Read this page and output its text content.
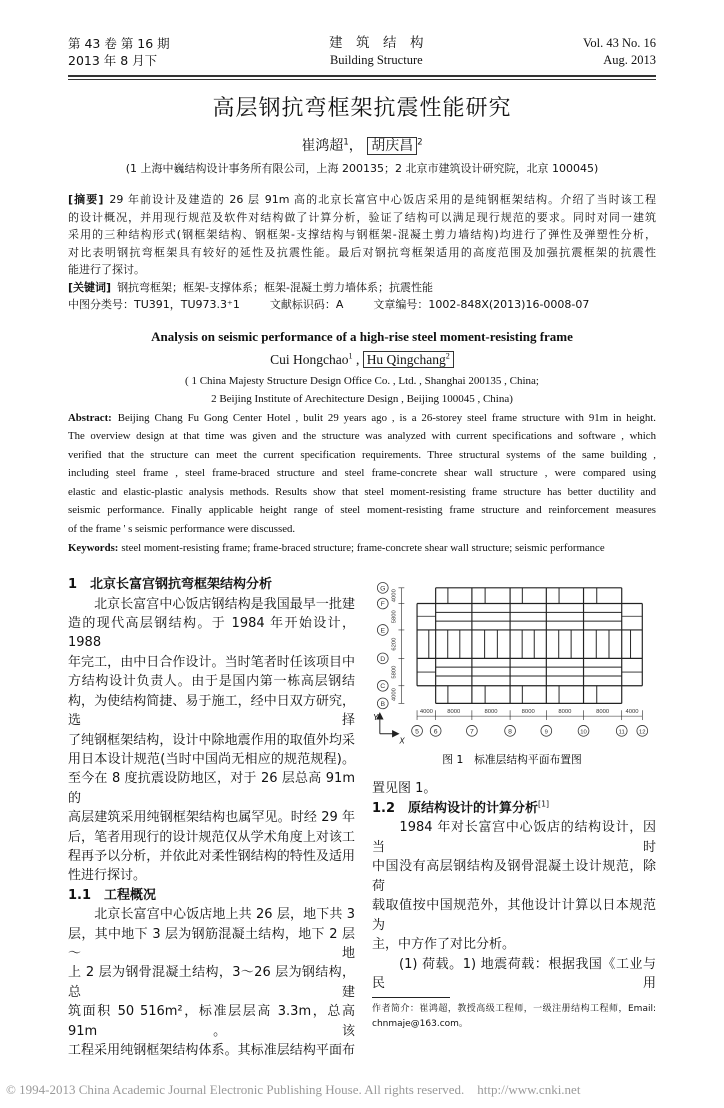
第 43 卷 第 16 期
2013 年 8 月下
建　筑　结　构
Building Structure
Vol. 43 No. 16
Aug. 2013
高层钢抗弯框架抗震性能研究
崔鸿超$^1$， 胡庆昌 $^2$
(1 上海中巍结构设计事务所有限公司，上海 200135；2 北京市建筑设计研究院，北京 100045)
[摘要] 29 年前设计及建造的 26 层 91m 高的北京长富宫中心饭店采用的是纯钢框架结构。介绍了当时该工程
的设计概况，并用现行规范及软件对结构做了计算分析，验证了结构可以满足现行规范的要求。同时对同一建筑
采用的三种结构形式(钢框架结构、钢框架-支撑结构与钢框架-混凝土剪力墙结构)均进行了弹性及弹塑性分析，
对比表明钢抗弯框架具有较好的延性及抗震性能。最后对钢抗弯框架适用的高度范围及加强抗震框架的抗震性
能进行了探讨。
[关键词] 钢抗弯框架；框架-支撑体系；框架-混凝土剪力墙体系；抗震性能
中图分类号：TU391，TU973.3⁺1	文献标识码：A	文章编号：1002-848X(2013)16-0008-07
Analysis on seismic performance of a high-rise steel moment-resisting frame
Cui Hongchao$^1$ , Hu Qingchang$^2$
( 1 China Majesty Structure Design Office Co. , Ltd. , Shanghai 200135 , China;
2 Beijing Institute of Arechitecture Design , Beijing 100045 , China)
Abstract: Beijing Chang Fu Gong Center Hotel , bulit 29 years ago , is a 26-storey steel frame structure with 91m in height.
The overview design at that time was given and the structure was analyzed with current specifications and software , which
verified that the structure can meet the current specification requirements. Three structural systems of the same building ,
including steel frame , steel frame-braced structure and steel frame-concrete shear wall structure , were compared using
elastic and elastic-plastic analysis methods. Results show that steel moment-resisting frame structure has better ductility and
seismic performance. Finally applicable height range of steel moment-resisting frame structure and reinforcement measures
of the frame ' s seismic performance were discussed.
Keywords: steel moment-resisting frame; frame-braced structure; frame-concrete shear wall structure; seismic performance
1　北京长富宫钢抗弯框架结构分析
　　北京长富宫中心饭店钢结构是我国最早一批建
造的现代高层钢结构。于 1984 年开始设计，1988
年完工，由中日合作设计。当时笔者时任该项目中
方结构设计负责人。由于是国内第一栋高层钢结
构，为使结构简捷、易于施工，经中日双方研究，选择
了纯钢框架结构，设计中除地震作用的取值外均采
用日本设计规范(当时中国尚无相应的规范规程)。
至今在 8 度抗震设防地区，对于 26 层总高 91m 的
高层建筑采用纯钢框架结构也属罕见。时经 29 年
后，笔者用现行的设计规范仅从学术角度上对该工
程再予以分析，并依此对柔性钢结构的特性及适用
性进行探讨。
1.1　工程概况
　　北京长富宫中心饭店地上共 26 层，地下共 3
层，其中地下 3 层为钢筋混凝土结构，地下 2 层～地
上 2 层为钢骨混凝土结构，3～26 层为钢结构，总建
筑面积 50 516m²，标准层层高 3.3m，总高 91m。该
工程采用纯钢框架结构体系。其标准层结构平面布
G
F
E
D
C
B
5 6	7	8	9	10	11 12
4000
5800
6200
5800
4000
4000 8000	8000	8000	8000	8000	4000
Y
X
图 1　标准层结构平面布置图
置见图 1。
1.2　原结构设计的计算分析[1]
　　1984 年对长富宫中心饭店的结构设计，因当时
中国没有高层钢结构及钢骨混凝土设计规范，除荷
载取值按中国规范外，其他设计计算以日本规范为
主，中方作了对比分析。
　　(1) 荷载。1) 地震荷载：根据我国《工业与民用
作者简介：崔鸿超，教授高级工程师，一级注册结构工程师，Email:
chnmaje@163.com。
© 1994-2013 China Academic Journal Electronic Publishing House. All rights reserved.    http://www.cnki.net
